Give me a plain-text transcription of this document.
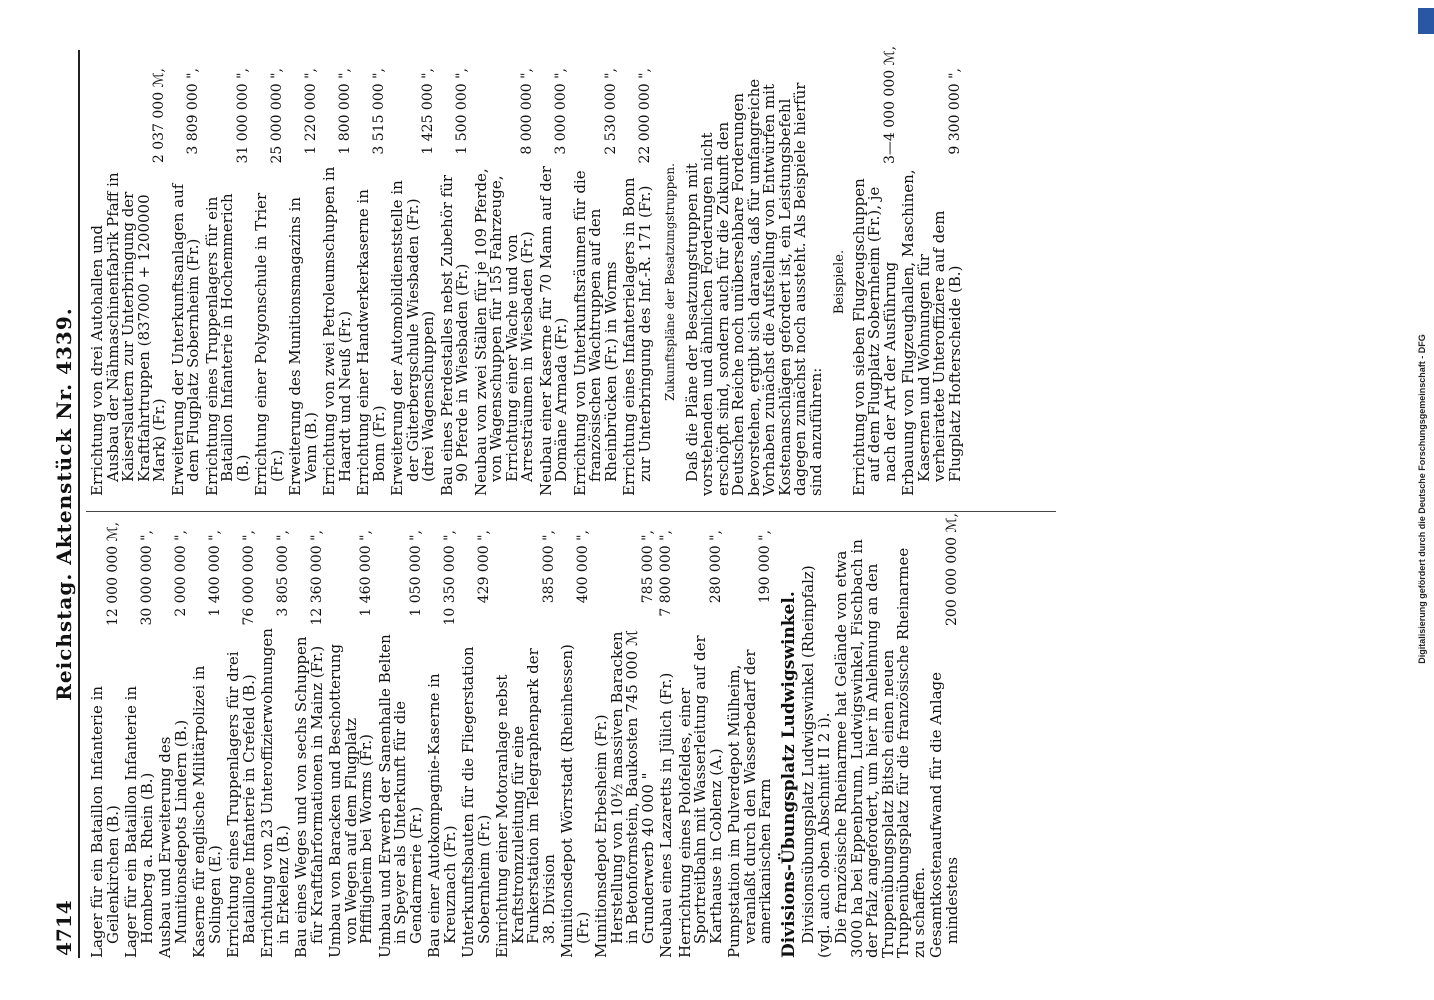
4714
Reichstag. Aktenstück Nr. 4339.
Lager für ein Bataillon Infanterie in Geilenkirchen (B.)
12 000 000 ℳ,
Lager für ein Bataillon Infanterie in Homberg a. Rhein (B.)
30 000 000 ",
Ausbau und Erweiterung des Munitionsdepots Lindern (B.)
2 000 000 ",
Kaserne für englische Militärpolizei in Solingen (E.)
1 400 000 ",
Errichtung eines Truppenlagers für drei Bataillone Infanterie in Crefeld (B.)
76 000 000 ",
Errichtung von 23 Unteroffizierwohnungen in Erkelenz (B.)
3 805 000 ",
Bau eines Weges und von sechs Schuppen für Kraftfahrformationen in Mainz (Fr.)
12 360 000 ",
Umbau von Baracken und Beschotterung von Wegen auf dem Flugplatz Pfiffligheim bei Worms (Fr.)
1 460 000 ",
Umbau und Erwerb der Sanenhalle Belten in Speyer als Unterkunft für die Gendarmerie (Fr.)
1 050 000 ",
Bau einer Autokompagnie-Kaserne in Kreuznach (Fr.)
10 350 000 ",
Unterkunftsbauten für die Fliegerstation Sobernheim (Fr.)
429 000 ",
Einrichtung einer Motoranlage nebst Kraftstromzuleitung für eine Funkerstation im Telegraphenpark der 38. Division
385 000 ",
Munitionsdepot Wörrstadt (Rheinhessen) (Fr.)
400 000 ",
Munitionsdepot Erbesheim (Fr.) Herstellung von 10½ massiven Baracken in Betonformstein, Baukosten 745 000 ℳ Grunderwerb 40 000 "
785 000 ",
Neubau eines Lazaretts in Jülich (Fr.)
7 800 000 ",
Herrichtung eines Polofeldes, einer Sportreitbahn mit Wasserleitung auf der Karthause in Coblenz (A.)
280 000 ",
Pumpstation im Pulverdepot Mülheim, veranlaßt durch den Wasserbedarf der amerikanischen Farm
190 000 ",
Divisions-Übungsplatz Ludwigswinkel. Divisionsübungsplatz Ludwigswinkel (Rheinpfalz) (vgl. auch oben Abschnitt II 2 i). Die französische Rheinarmee hat Gelände von etwa 3000 ha bei Eppenbrunn, Ludwigswinkel, Fischbach in der Pfalz angefordert, um hier in Anlehnung an den Truppenübungsplatz Bitsch einen neuen Truppenübungsplatz für die französische Rheinarmee zu schaffen. Gesamtkostenaufwand für die Anlage mindestens
200 000 000 ℳ,
Errichtung von drei Autohallen und Ausbau der Nähmaschinenfabrik Pfaff in Kaiserslautern zur Unterbringung der Kraftfahrtruppen (837000 + 1200000 Mark) (Fr.)
2 037 000 ℳ,
Erweiterung der Unterkunftsanlagen auf dem Flugplatz Sobernheim (Fr.)
3 809 000 ",
Errichtung eines Truppenlagers für ein Bataillon Infanterie in Hochemmerich (B.)
31 000 000 ",
Errichtung einer Polygonschule in Trier (Fr.)
25 000 000 ",
Erweiterung des Munitionsmagazins in Venn (B.)
1 220 000 ",
Errichtung von zwei Petroleumschuppen in Haardt und Neuß (Fr.)
1 800 000 ",
Errichtung einer Handwerkerkaserne in Bonn (Fr.)
3 515 000 ",
Erweiterung der Automobildienststelle in der Güterbergschule Wiesbaden (Fr.) (drei Wagenschuppen)
1 425 000 ",
Bau eines Pferdestalles nebst Zubehör für 90 Pferde in Wiesbaden (Fr.)
1 500 000 ",
Neubau von zwei Ställen für je 109 Pferde, von Wagenschuppen für 155 Fahrzeuge, Errichtung einer Wache und von Arresträumen in Wiesbaden (Fr.)
8 000 000 ",
Neubau einer Kaserne für 70 Mann auf der Domäne Armada (Fr.)
3 000 000 ",
Errichtung von Unterkunftsräumen für die französischen Wachtruppen auf den Rheinbrücken (Fr.) in Worms
2 530 000 ",
Errichtung eines Infanterielagers in Bonn zur Unterbringung des Inf.-R. 171 (Fr.)
22 000 000 ",
Zukunftspläne der Besatzungstruppen. Daß die Pläne der Besatzungstruppen mit vorstehenden und ähnlichen Forderungen nicht erschöpft sind, sondern auch für die Zukunft den Deutschen Reiche noch unübersehbare Forderungen bevorstehen, ergibt sich daraus, daß für umfangreiche Vorhaben zunächst die Aufstellung von Entwürfen mit Kostenanschlägen gefordert ist, ein Leistungsbefehl dagegen zunächst noch aussteht. Als Beispiele hierfür sind anzuführen:
Beispiele. Errichtung von sieben Flugzeugschuppen auf dem Flugplatz Sobernheim (Fr.), je nach der Art der Ausführung
3—4 000 000 ℳ,
Erbauung von Flugzeughallen, Maschinen, Kasernen und Wohnungen für verheiratete Unteroffiziere auf dem Flugplatz Hofterscheide (B.)
9 300 000 ",
Digitalisierung gefördert durch die Deutsche Forschungsgemeinschaft - DFG
